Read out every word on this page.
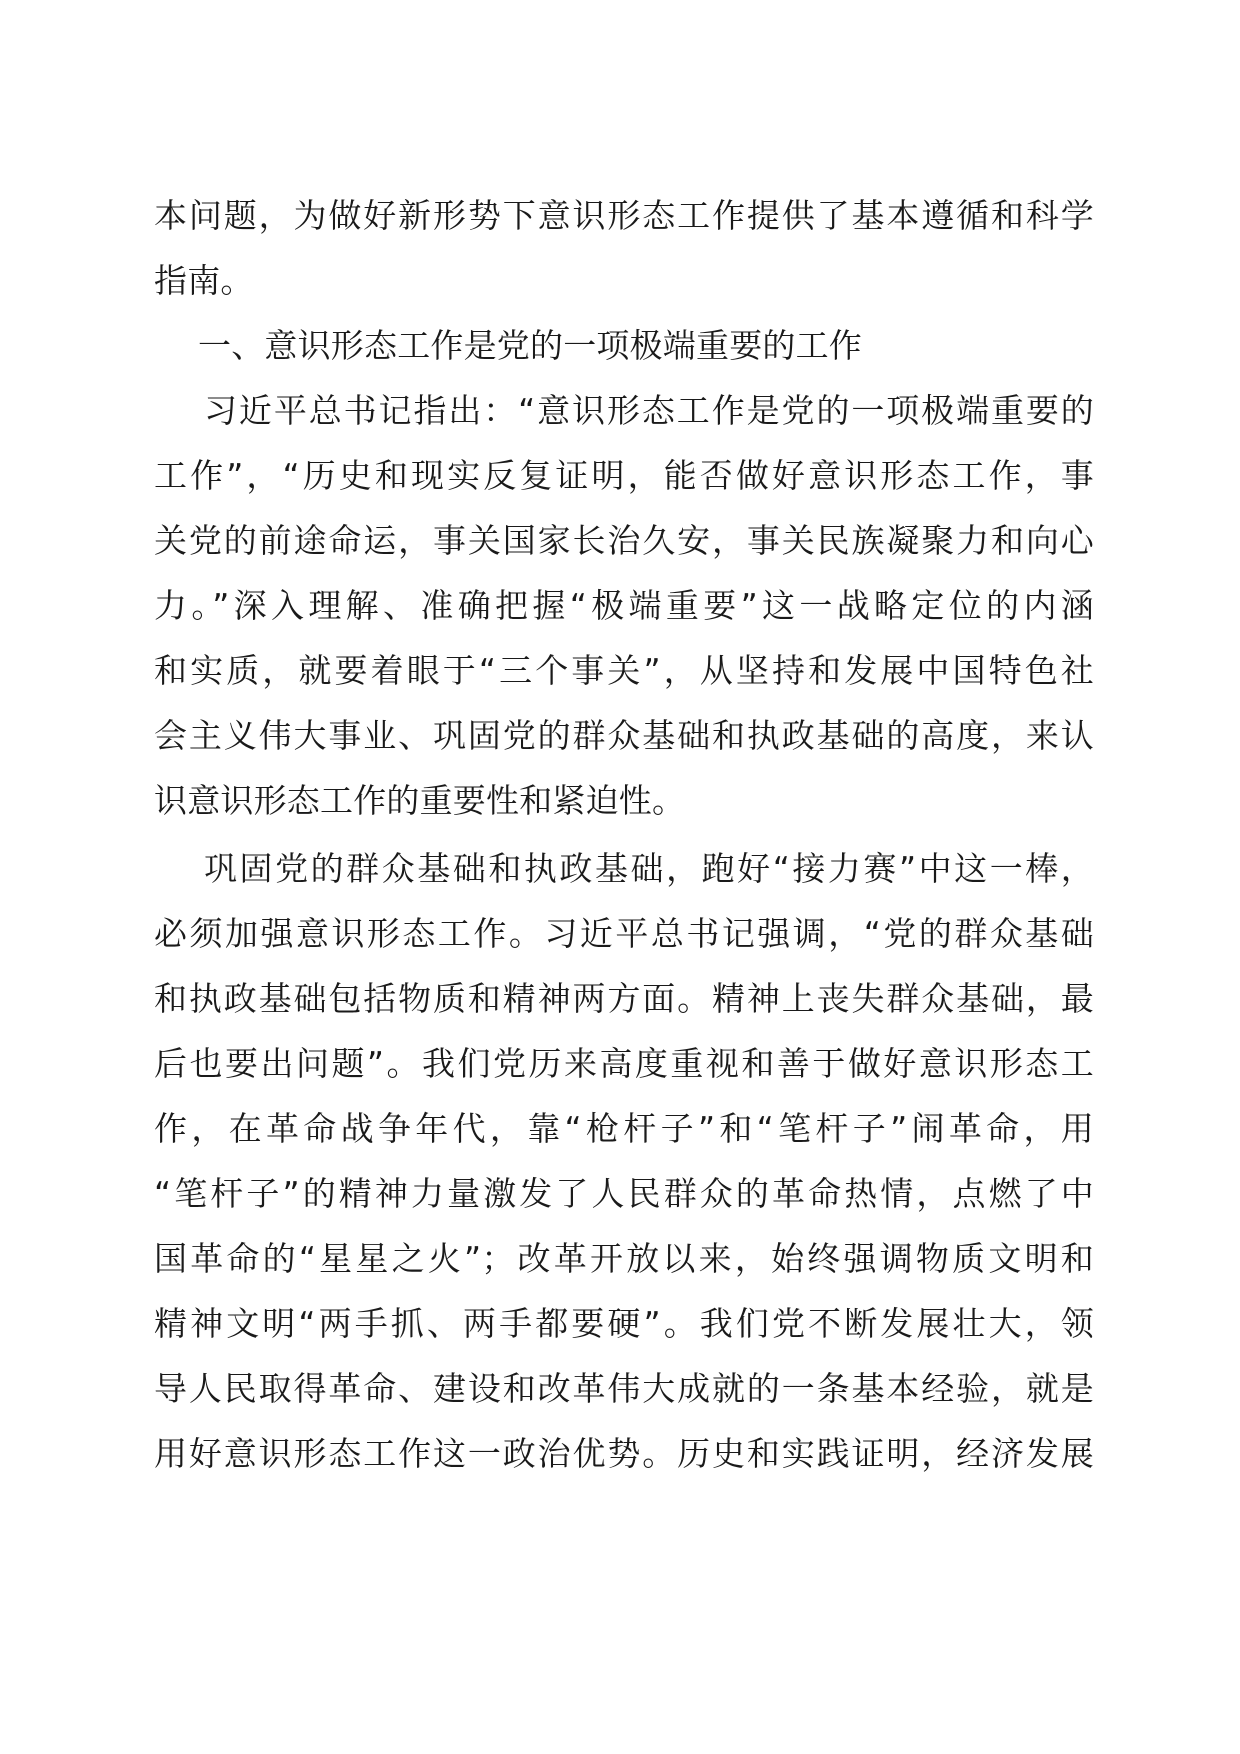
本问题，为做好新形势下意识形态工作提供了基本遵循和科学
指南。
一、意识形态工作是党的一项极端重要的工作
习近平总书记指出：“意识形态工作是党的一项极端重要的
工作”，“历史和现实反复证明，能否做好意识形态工作，事
关党的前途命运，事关国家长治久安，事关民族凝聚力和向心
力。”深入理解、准确把握“极端重要”这一战略定位的内涵
和实质，就要着眼于“三个事关”，从坚持和发展中国特色社
会主义伟大事业、巩固党的群众基础和执政基础的高度，来认
识意识形态工作的重要性和紧迫性。
巩固党的群众基础和执政基础，跑好“接力赛”中这一棒，
必须加强意识形态工作。习近平总书记强调，“党的群众基础
和执政基础包括物质和精神两方面。精神上丧失群众基础，最
后也要出问题”。我们党历来高度重视和善于做好意识形态工
作，在革命战争年代，靠“枪杆子”和“笔杆子”闹革命，用
“笔杆子”的精神力量激发了人民群众的革命热情，点燃了中
国革命的“星星之火”；改革开放以来，始终强调物质文明和
精神文明“两手抓、两手都要硬”。我们党不断发展壮大，领
导人民取得革命、建设和改革伟大成就的一条基本经验，就是
用好意识形态工作这一政治优势。历史和实践证明，经济发展
